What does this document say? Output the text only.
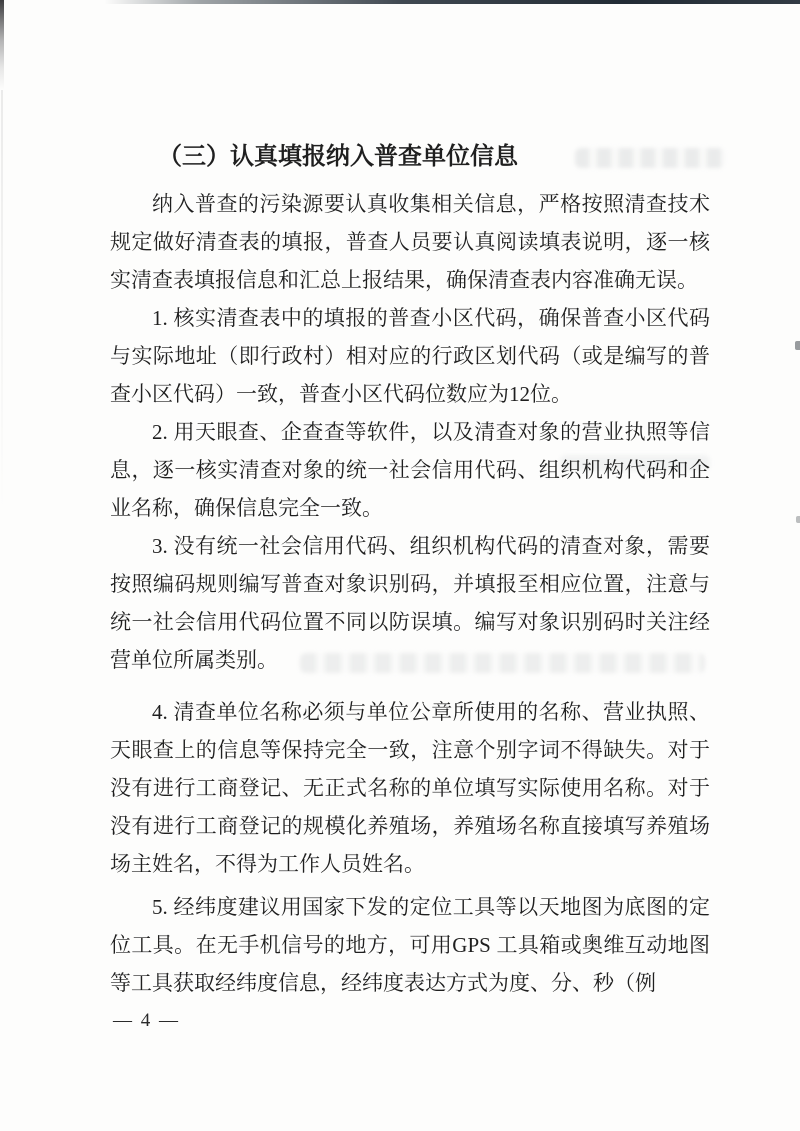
（三）认真填报纳入普查单位信息

纳入普查的污染源要认真收集相关信息，严格按照清查技术规定做好清查表的填报，普查人员要认真阅读填表说明，逐一核实清查表填报信息和汇总上报结果，确保清查表内容准确无误。

1. 核实清查表中的填报的普查小区代码，确保普查小区代码与实际地址（即行政村）相对应的行政区划代码（或是编写的普查小区代码）一致，普查小区代码位数应为12位。

2. 用天眼查、企查查等软件，以及清查对象的营业执照等信息，逐一核实清查对象的统一社会信用代码、组织机构代码和企业名称，确保信息完全一致。

3. 没有统一社会信用代码、组织机构代码的清查对象，需要按照编码规则编写普查对象识别码，并填报至相应位置，注意与统一社会信用代码位置不同以防误填。编写对象识别码时关注经营单位所属类别。

4. 清查单位名称必须与单位公章所使用的名称、营业执照、天眼查上的信息等保持完全一致，注意个别字词不得缺失。对于没有进行工商登记、无正式名称的单位填写实际使用名称。对于没有进行工商登记的规模化养殖场，养殖场名称直接填写养殖场场主姓名，不得为工作人员姓名。

5. 经纬度建议用国家下发的定位工具等以天地图为底图的定位工具。在无手机信号的地方，可用GPS 工具箱或奥维互动地图等工具获取经纬度信息，经纬度表达方式为度、分、秒（例

— 4 —
